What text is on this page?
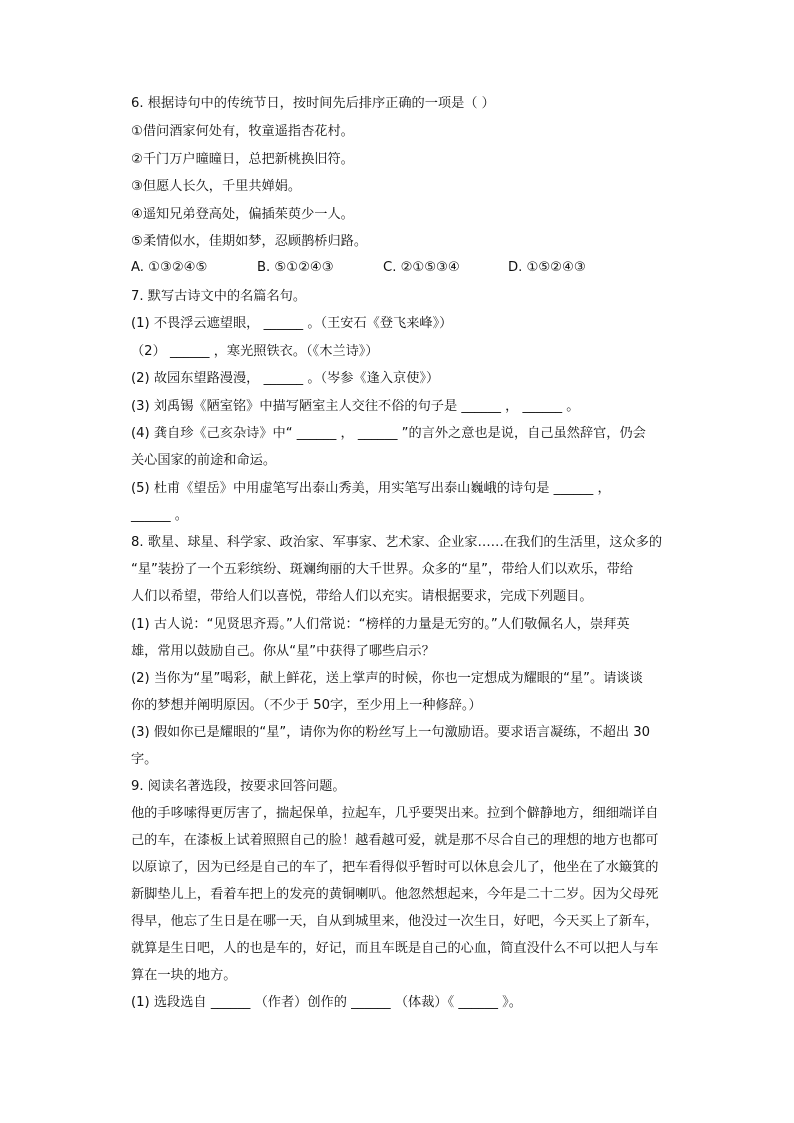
6. 根据诗句中的传统节日，按时间先后排序正确的一项是（ ）
①借问酒家何处有，牧童遥指杏花村。
②千门万户曈曈日，总把新桃换旧符。
③但愿人长久，千里共婵娟。
④遥知兄弟登高处，偏插茱萸少一人。
⑤柔情似水，佳期如梦，忍顾鹊桥归路。
A. ①③②④⑤	B. ⑤①②④③	C. ②①⑤③④	D. ①⑤②④③
7. 默写古诗文中的名篇名句。
(1) 不畏浮云遮望眼， ______ 。（王安石《登飞来峰》）
（2） ______ ，寒光照铁衣。（《木兰诗》）
(2) 故园东望路漫漫， ______ 。（岑参《逢入京使》）
(3) 刘禹锡《陋室铭》中描写陋室主人交往不俗的句子是 ______ ， ______ 。
(4) 龚自珍《己亥杂诗》中“ ______ ， ______ ”的言外之意也是说，自己虽然辞官，仍会
关心国家的前途和命运。
(5) 杜甫《望岳》中用虚笔写出泰山秀美，用实笔写出泰山巍峨的诗句是 ______ ，
______ 。
8. 歌星、球星、科学家、政治家、军事家、艺术家、企业家……在我们的生活里，这众多的
“星”装扮了一个五彩缤纷、斑斓绚丽的大千世界。众多的“星”，带给人们以欢乐，带给
人们以希望，带给人们以喜悦，带给人们以充实。请根据要求，完成下列题目。
(1) 古人说：“见贤思齐焉。”人们常说：“榜样的力量是无穷的。”人们敬佩名人，崇拜英
雄，常用以鼓励自己。你从“星”中获得了哪些启示？
(2) 当你为“星”喝彩，献上鲜花，送上掌声的时候，你也一定想成为耀眼的“星”。请谈谈
你的梦想并阐明原因。（不少于 50字，至少用上一种修辞。）
(3) 假如你已是耀眼的“星”，请你为你的粉丝写上一句激励语。要求语言凝练，不超出 30
字。
9. 阅读名著选段，按要求回答问题。
他的手哆嗦得更厉害了，揣起保单，拉起车，几乎要哭出来。拉到个僻静地方，细细端详自
己的车，在漆板上试着照照自己的脸！越看越可爱，就是那不尽合自己的理想的地方也都可
以原谅了，因为已经是自己的车了，把车看得似乎暂时可以休息会儿了，他坐在了水簸箕的
新脚垫儿上，看着车把上的发亮的黄铜喇叭。他忽然想起来，今年是二十二岁。因为父母死
得早，他忘了生日是在哪一天，自从到城里来，他没过一次生日，好吧，今天买上了新车，
就算是生日吧，人的也是车的，好记，而且车既是自己的心血，简直没什么不可以把人与车
算在一块的地方。
(1) 选段选自 ______ （作者）创作的 ______ （体裁）《 ______ 》。
